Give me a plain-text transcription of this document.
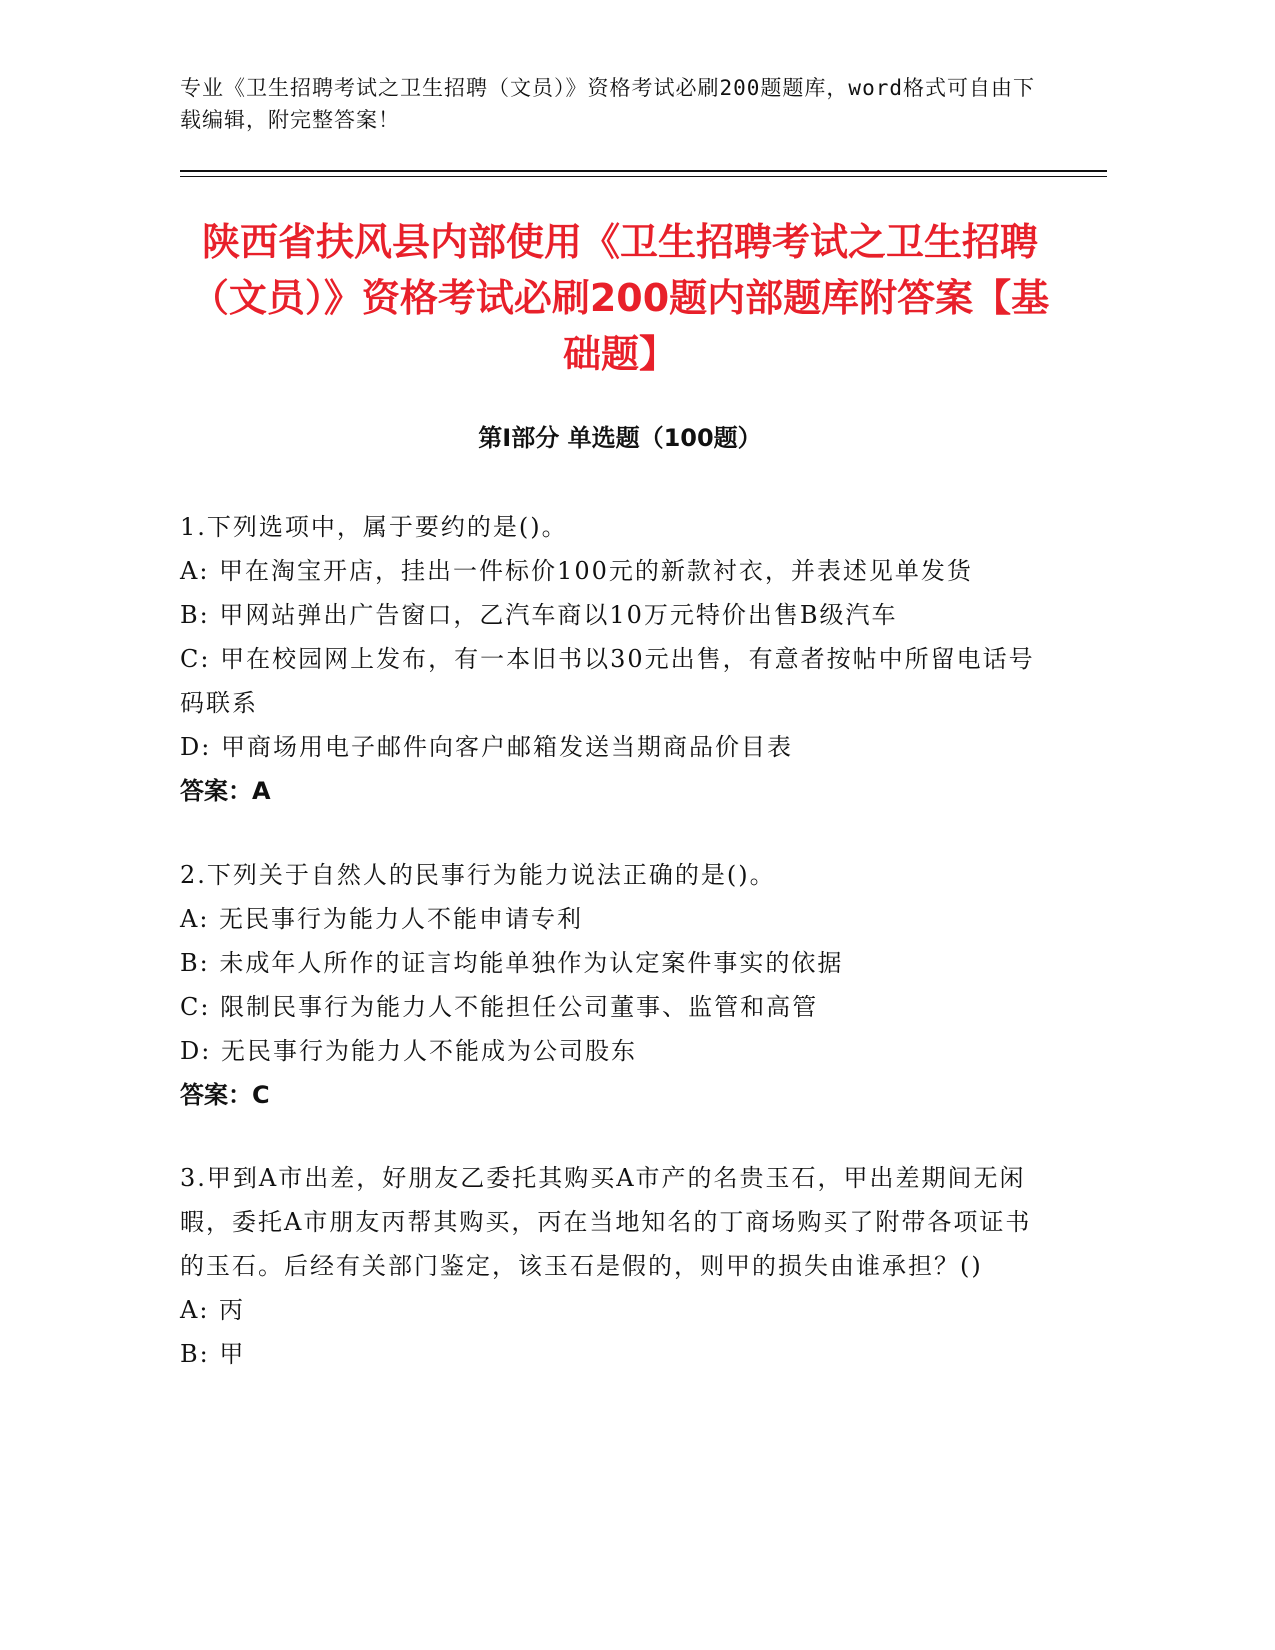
专业《卫生招聘考试之卫生招聘（文员）》资格考试必刷200题题库，word格式可自由下载编辑，附完整答案！
陕西省扶风县内部使用《卫生招聘考试之卫生招聘（文员）》资格考试必刷200题内部题库附答案【基础题】
第I部分 单选题（100题）
1.下列选项中，属于要约的是()。
A: 甲在淘宝开店，挂出一件标价100元的新款衬衣，并表述见单发货
B: 甲网站弹出广告窗口，乙汽车商以10万元特价出售B级汽车
C: 甲在校园网上发布，有一本旧书以30元出售，有意者按帖中所留电话号码联系
D: 甲商场用电子邮件向客户邮箱发送当期商品价目表
答案：A
2.下列关于自然人的民事行为能力说法正确的是()。
A: 无民事行为能力人不能申请专利
B: 未成年人所作的证言均能单独作为认定案件事实的依据
C: 限制民事行为能力人不能担任公司董事、监管和高管
D: 无民事行为能力人不能成为公司股东
答案：C
3.甲到A市出差，好朋友乙委托其购买A市产的名贵玉石，甲出差期间无闲暇，委托A市朋友丙帮其购买，丙在当地知名的丁商场购买了附带各项证书的玉石。后经有关部门鉴定，该玉石是假的，则甲的损失由谁承担？()
A: 丙
B: 甲
